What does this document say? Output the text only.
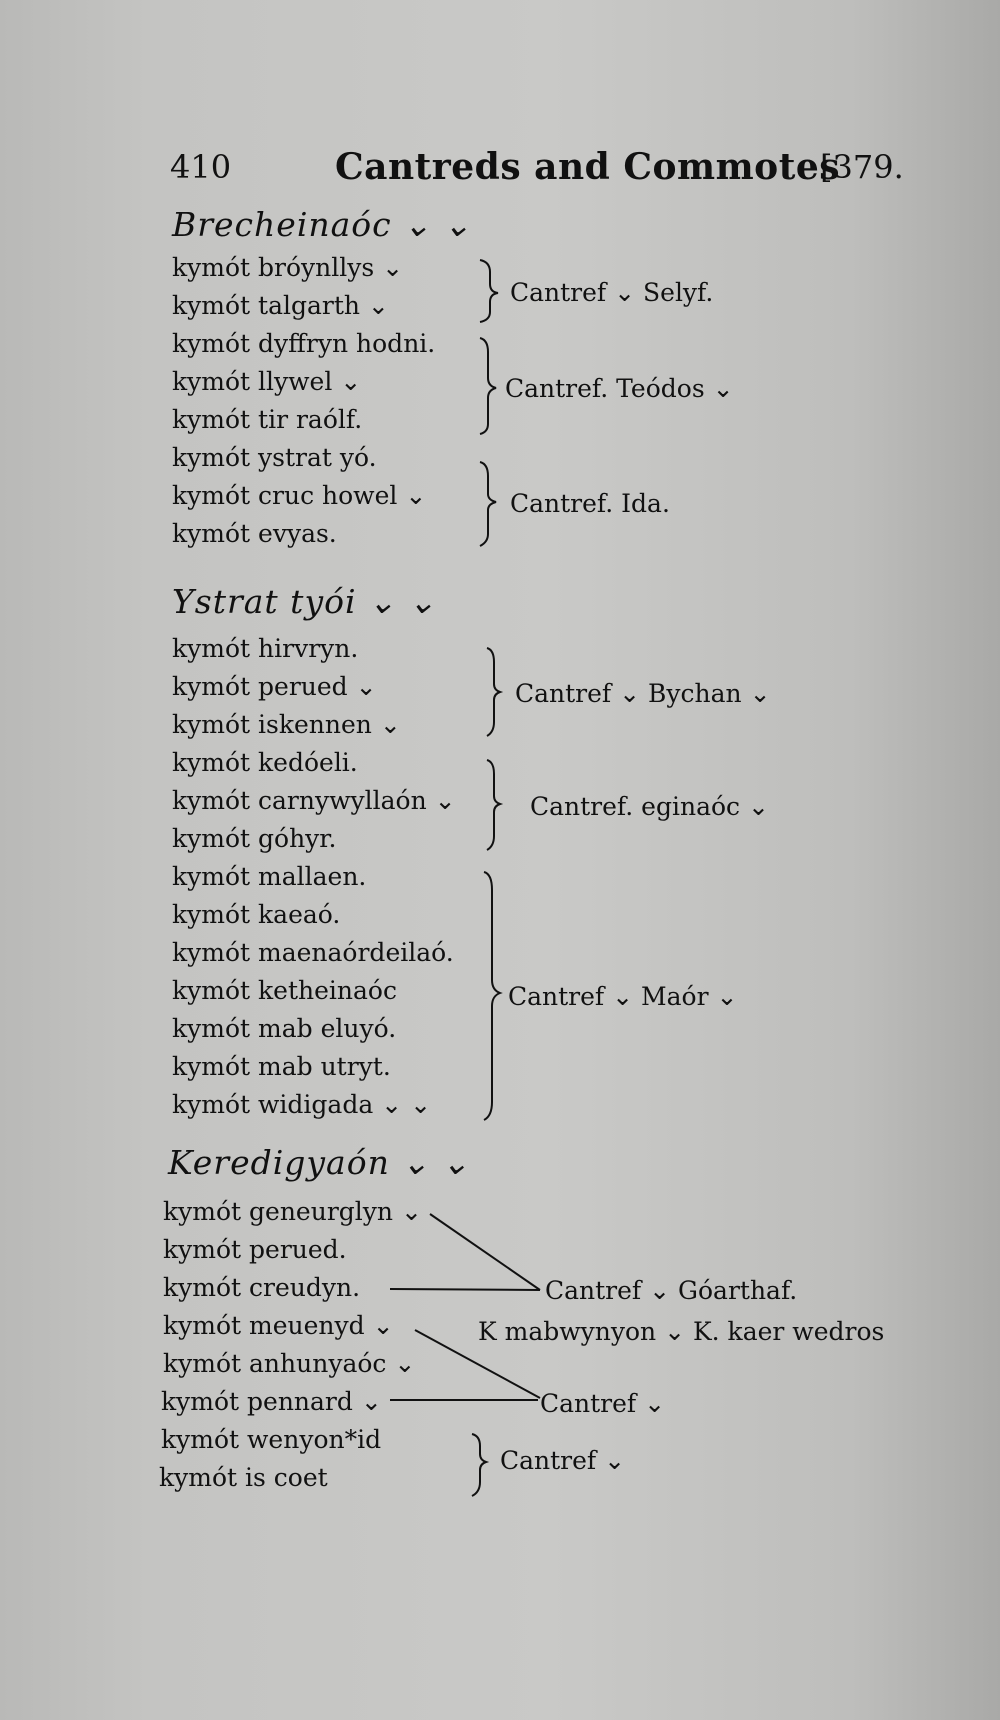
410	Cantreds and Commotes
[379.
Brecheinaóc ⌄ ⌄
kymót bróynllys ⌄
kymót talgarth ⌄
kymót dyffryn hodni.
kymót llywel ⌄
kymót tir raólf.
kymót ystrat yó.
kymót cruc howel ⌄
kymót evyas.
Cantref ⌄ Selyf.
Cantref. Teódos ⌄
Cantref. Ida.
Ystrat tyói ⌄ ⌄
kymót hirvryn.
kymót perued ⌄
kymót iskennen ⌄
kymót kedóeli.
kymót carnywyllaón ⌄
kymót góhyr.
kymót mallaen.
kymót kaeaó.
kymót maenaórdeilaó.
kymót ketheinaóc
kymót mab eluyó.
kymót mab utryt.
kymót widigada ⌄ ⌄
Cantref ⌄ Bychan ⌄
Cantref. eginaóc ⌄
Cantref ⌄ Maór ⌄
Keredigyaón ⌄ ⌄
kymót geneurglyn ⌄
kymót perued.
kymót creudyn.
kymót meuenyd ⌄
kymót anhunyaóc ⌄
kymót pennard ⌄
kymót wenyon*id
kymót is coet
Cantref ⌄ Góarthaf.
K mabwynyon ⌄ K. kaer wedros
Cantref ⌄
Cantref ⌄
